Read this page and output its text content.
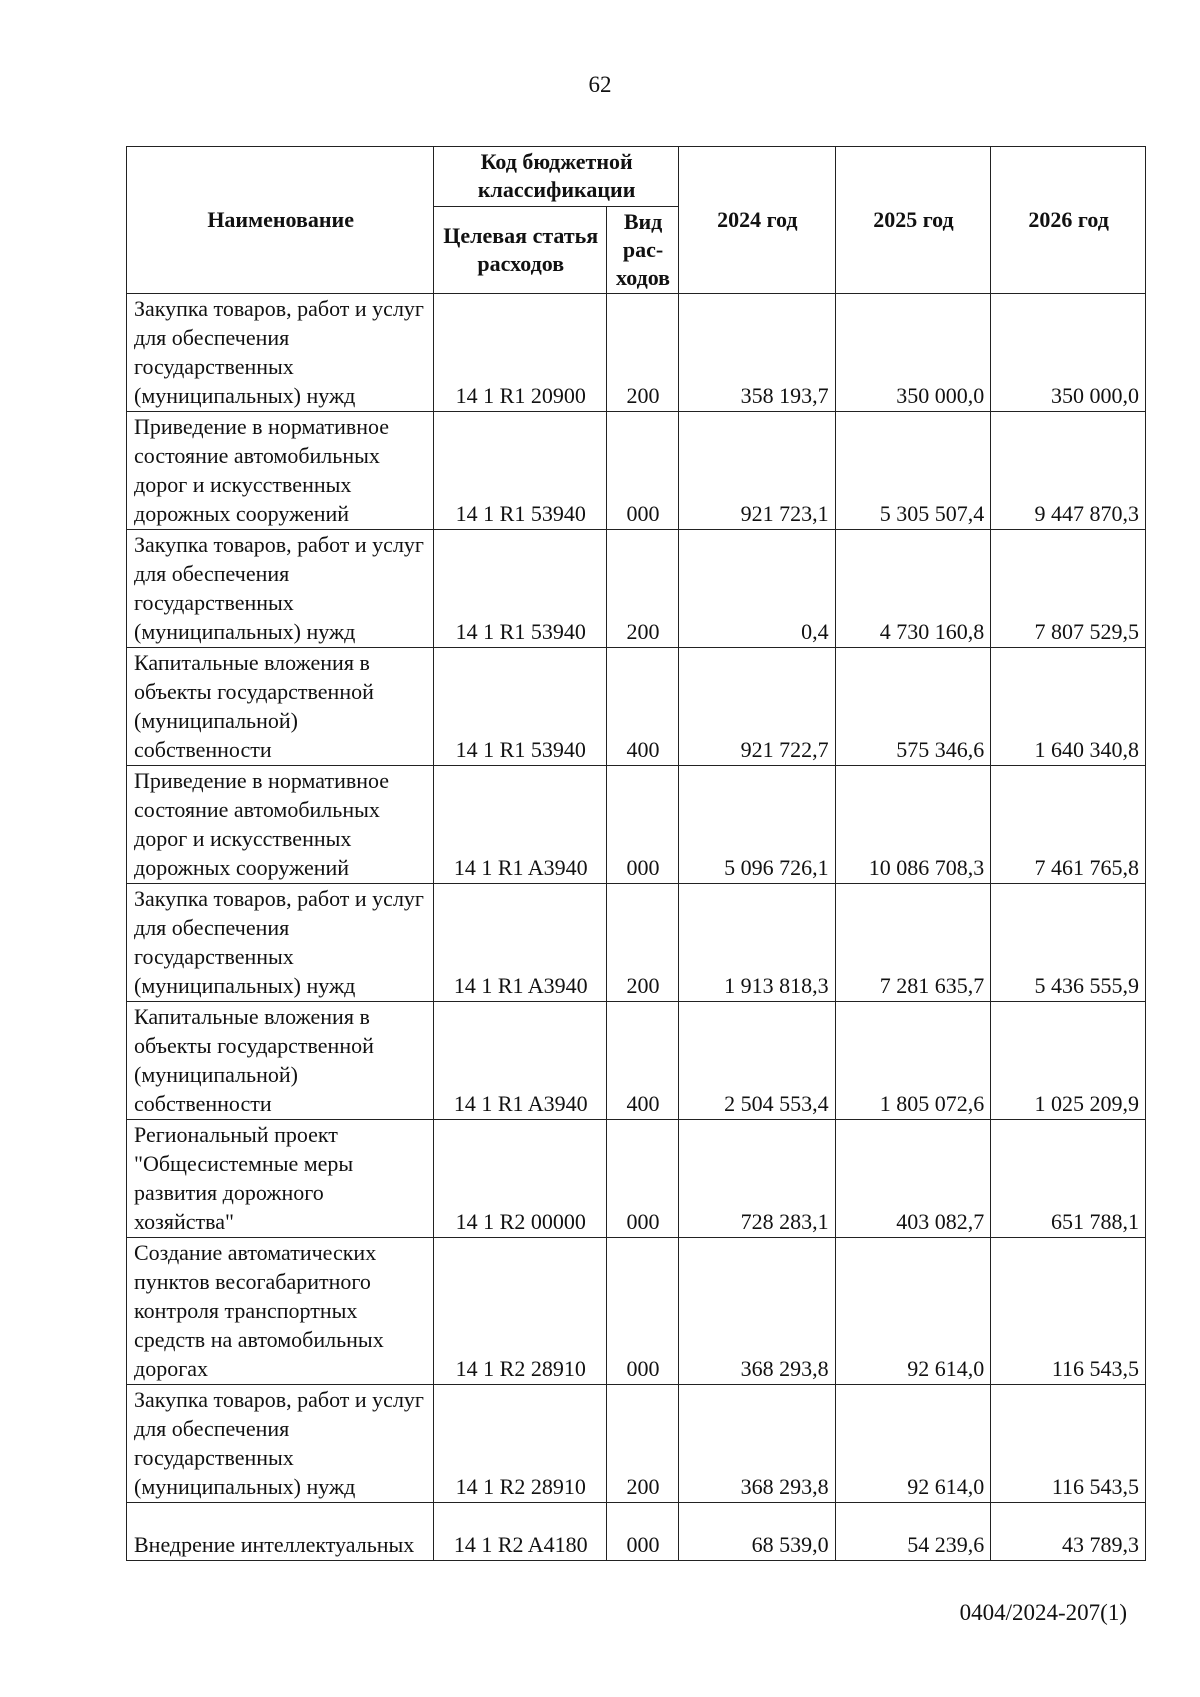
62
Наименование	Код бюджетной классификации		2024 год	2025 год	2026 год
	Целевая статья расходов	Вид рас-ходов			
Закупка товаров, работ и услуг для обеспечения государственных (муниципальных) нужд	14 1 R1 20900	200	358 193,7	350 000,0	350 000,0
Приведение в нормативное состояние автомобильных дорог и искусственных дорожных сооружений	14 1 R1 53940	000	921 723,1	5 305 507,4	9 447 870,3
Закупка товаров, работ и услуг для обеспечения государственных (муниципальных) нужд	14 1 R1 53940	200	0,4	4 730 160,8	7 807 529,5
Капитальные вложения в объекты государственной (муниципальной) собственности	14 1 R1 53940	400	921 722,7	575 346,6	1 640 340,8
Приведение в нормативное состояние автомобильных дорог и искусственных дорожных сооружений	14 1 R1 A3940	000	5 096 726,1	10 086 708,3	7 461 765,8
Закупка товаров, работ и услуг для обеспечения государственных (муниципальных) нужд	14 1 R1 A3940	200	1 913 818,3	7 281 635,7	5 436 555,9
Капитальные вложения в объекты государственной (муниципальной) собственности	14 1 R1 A3940	400	2 504 553,4	1 805 072,6	1 025 209,9
Региональный проект "Общесистемные меры развития дорожного хозяйства"	14 1 R2 00000	000	728 283,1	403 082,7	651 788,1
Создание автоматических пунктов весогабаритного контроля транспортных средств на автомобильных дорогах	14 1 R2 28910	000	368 293,8	92 614,0	116 543,5
Закупка товаров, работ и услуг для обеспечения государственных (муниципальных) нужд	14 1 R2 28910	200	368 293,8	92 614,0	116 543,5
Внедрение интеллектуальных	14 1 R2 A4180	000	68 539,0	54 239,6	43 789,3
0404/2024-207(1)
